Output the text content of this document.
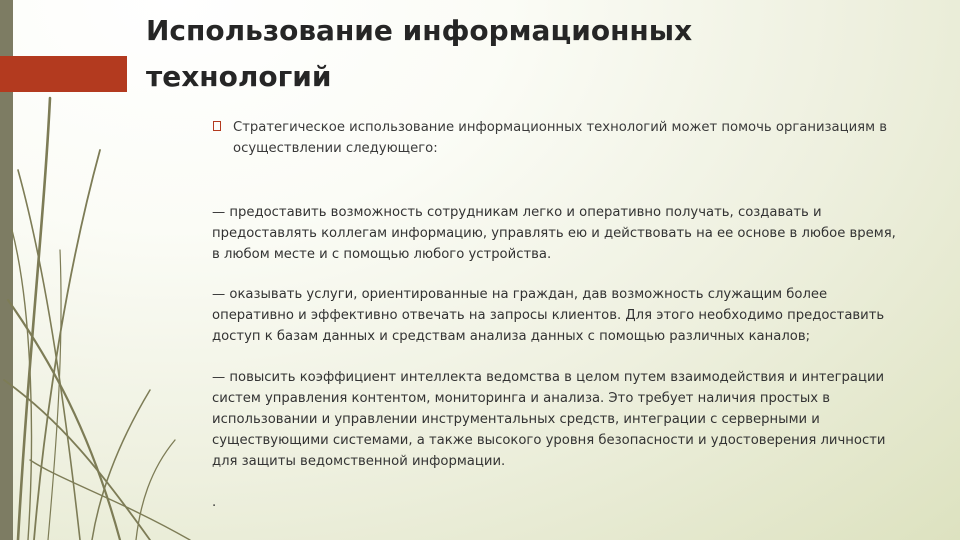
Использование информационных технологий
Стратегическое использование информационных технологий может помочь организациям в осуществлении следующего:

— предоставить возможность сотрудникам легко и оперативно получать, создавать и предоставлять коллегам информацию, управлять ею и действовать на ее основе в любое время, в любом месте и с помощью любого устройства.

— оказывать услуги, ориентированные на граждан, дав возможность служащим более оперативно и эффективно отвечать на запросы клиентов. Для этого необходимо предоставить доступ к базам данных и средствам анализа данных с помощью различных каналов;

— повысить коэффициент интеллекта ведомства в целом путем взаимодействия и интеграции систем управления контентом, мониторинга и анализа. Это требует наличия простых в использовании и управлении инструментальных средств, интеграции с серверными и существующими системами, а также высокого уровня безопасности и удостоверения личности для защиты ведомственной информации.

.
